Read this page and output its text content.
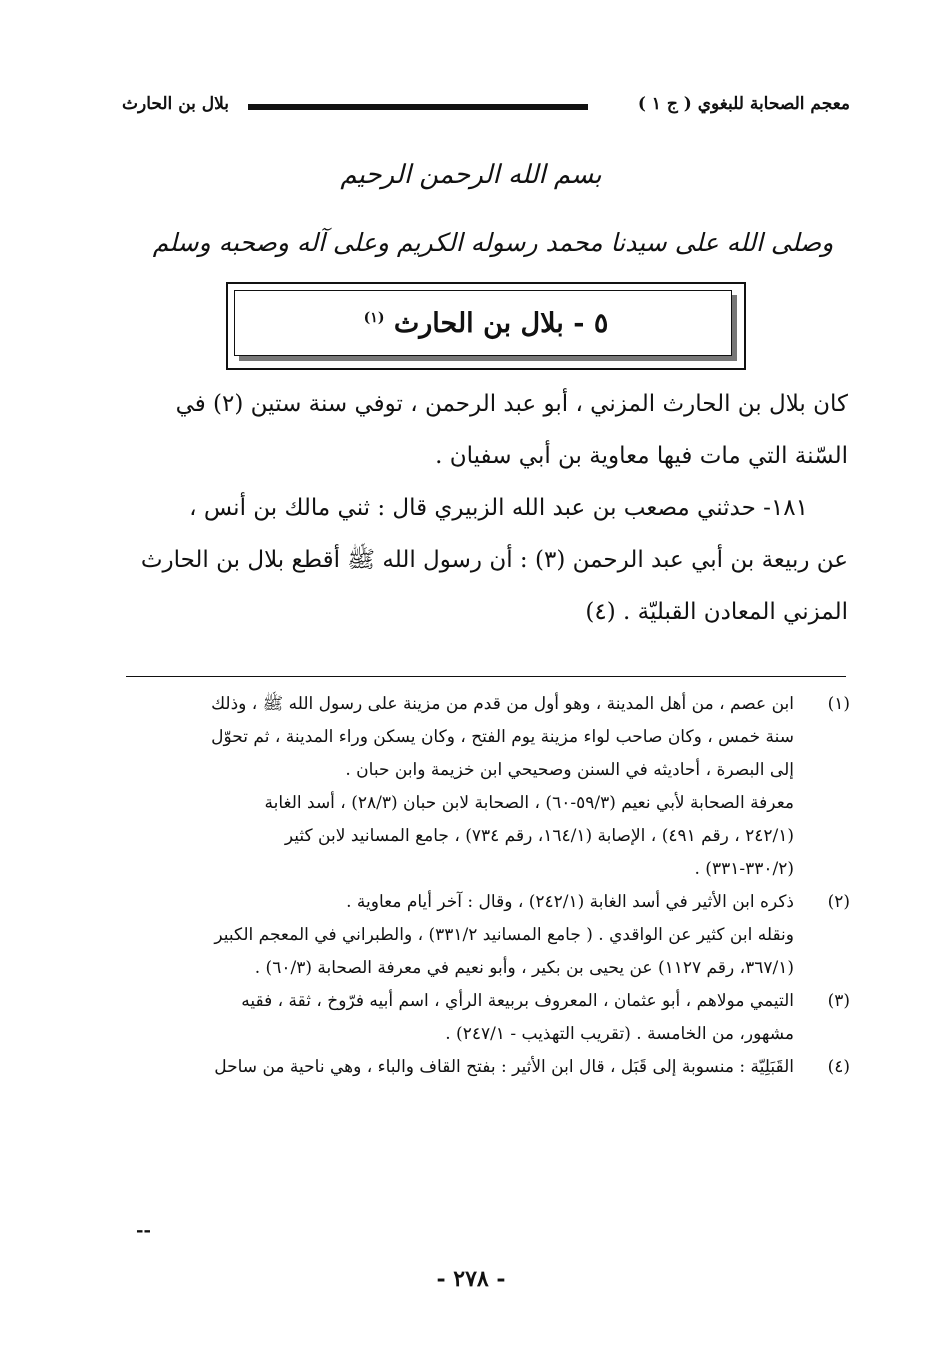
معجم الصحابة للبغوي ( ج ١ )
بلال بن الحارث
بسم الله الرحمن الرحيم
وصلى الله على سيدنا محمد رسوله الكريم وعلى آله وصحبه وسلم
٥ - بلال بن الحارث $^{(١)}$
كان بلال بن الحارث المزني ، أبو عبد الرحمن ، توفي سنة ستين (٢) في
السّنة التي مات فيها معاوية بن أبي سفيان .
١٨١- حدثني مصعب بن عبد الله الزبيري قال : ثني مالك بن أنس ،
عن ربيعة بن أبي عبد الرحمن (٣) : أن رسول الله ﷺ أقطع بلال بن الحارث
المزني المعادن القبليّة . (٤)
(١)
ابن عصم ، من أهل المدينة ، وهو أول من قدم من مزينة على رسول الله ﷺ ، وذلك
سنة خمس ، وكان صاحب لواء مزينة يوم الفتح ، وكان يسكن وراء المدينة ، ثم تحوّل
إلى البصرة ، أحاديثه في السنن وصحيحي ابن خزيمة وابن حبان .
معرفة الصحابة لأبي نعيم (٥٩/٣-٦٠) ، الصحابة لابن حبان (٢٨/٣) ، أسد الغابة
(٢٤٢/١ ، رقم ٤٩١) ، الإصابة (١٦٤/١، رقم ٧٣٤) ، جامع المسانيد لابن كثير
(٣٣٠/٢-٣٣١) .
(٢)
ذكره ابن الأثير في أسد الغابة (٢٤٢/١) ، وقال : آخر أيام معاوية .
ونقله ابن كثير عن الواقدي . ( جامع المسانيد ٣٣١/٢) ، والطبراني في المعجم الكبير
(٣٦٧/١، رقم ١١٢٧) عن يحيى بن بكير ، وأبو نعيم في معرفة الصحابة (٦٠/٣) .
(٣)
التيمي مولاهم ، أبو عثمان ، المعروف بربيعة الرأي ، اسم أبيه فرّوخ ، ثقة ، فقيه
مشهور، من الخامسة . (تقريب التهذيب - ٢٤٧/١) .
(٤)
القَبَلِيّة : منسوبة إلى قَبَل ، قال ابن الأثير : بفتح القاف والباء ، وهي ناحية من ساحل
--
- ٢٧٨ -
